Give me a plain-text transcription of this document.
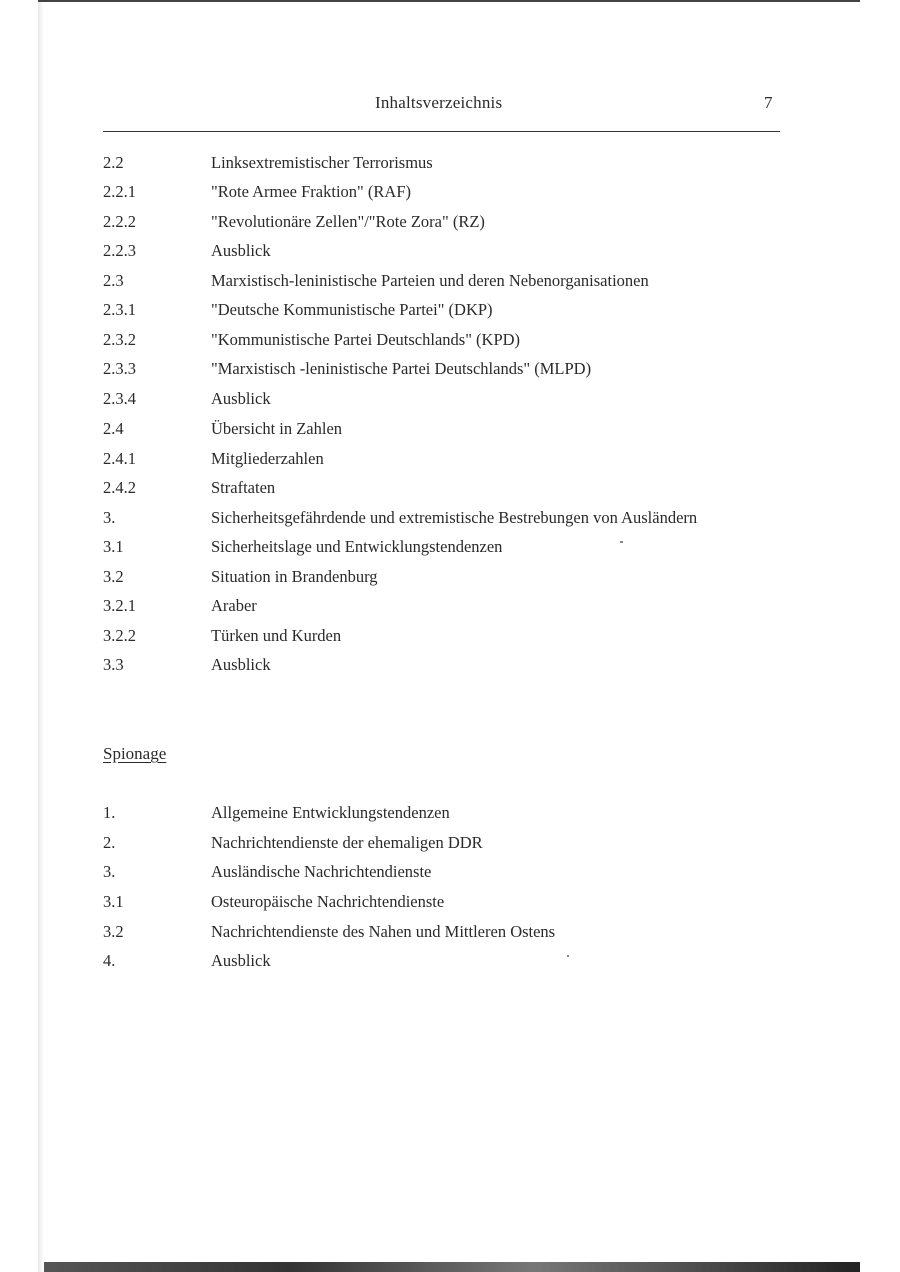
Inhaltsverzeichnis	7
2.2	Linksextremistischer Terrorismus
2.2.1	"Rote Armee Fraktion" (RAF)
2.2.2	"Revolutionäre Zellen"/"Rote Zora" (RZ)
2.2.3	Ausblick
2.3	Marxistisch-leninistische Parteien und deren Nebenorganisationen
2.3.1	"Deutsche Kommunistische Partei" (DKP)
2.3.2	"Kommunistische Partei Deutschlands" (KPD)
2.3.3	"Marxistisch -leninistische Partei Deutschlands" (MLPD)
2.3.4	Ausblick
2.4	Übersicht in Zahlen
2.4.1	Mitgliederzahlen
2.4.2	Straftaten
3.	Sicherheitsgefährdende und extremistische Bestrebungen von Ausländern
3.1	Sicherheitslage und Entwicklungstendenzen
3.2	Situation in Brandenburg
3.2.1	Araber
3.2.2	Türken und Kurden
3.3	Ausblick
Spionage
1.	Allgemeine Entwicklungstendenzen
2.	Nachrichtendienste der ehemaligen DDR
3.	Ausländische Nachrichtendienste
3.1	Osteuropäische Nachrichtendienste
3.2	Nachrichtendienste des Nahen und Mittleren Ostens
4.	Ausblick
